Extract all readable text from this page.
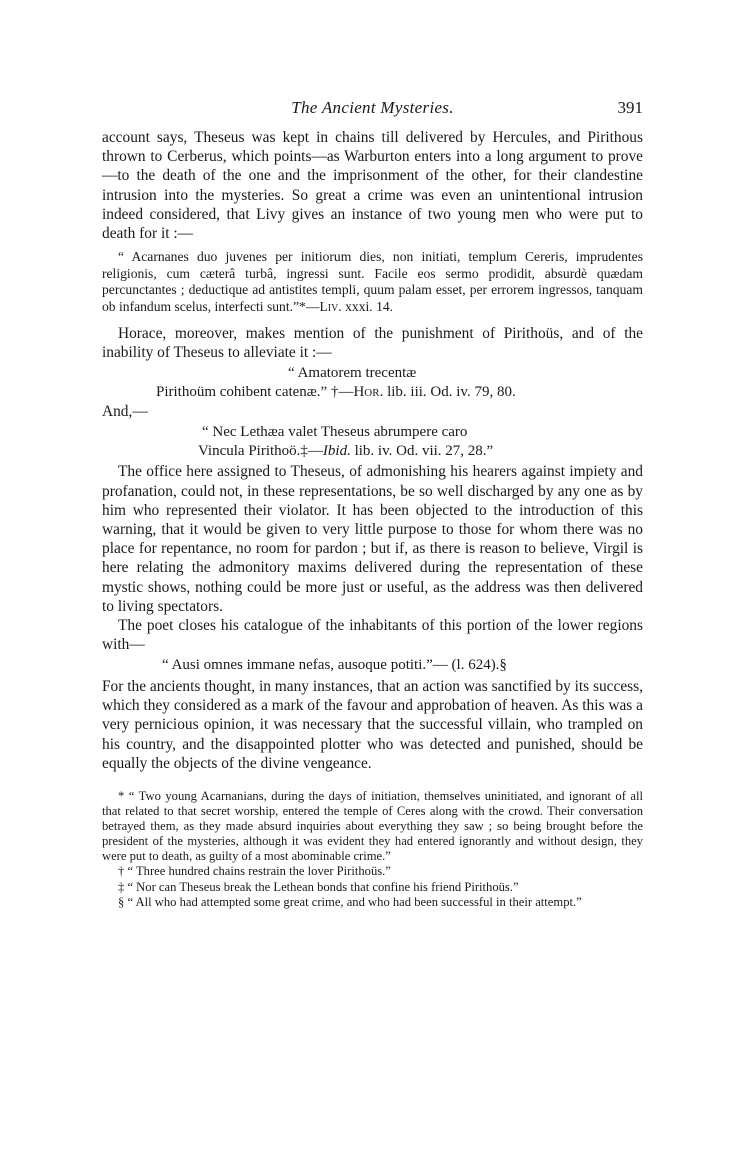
The Ancient Mysteries.	391

account says, Theseus was kept in chains till delivered by Hercules, and Pirithous thrown to Cerberus, which points—as Warburton enters into a long argument to prove—to the death of the one and the imprisonment of the other, for their clandestine intrusion into the mysteries. So great a crime was even an unintentional intrusion indeed considered, that Livy gives an instance of two young men who were put to death for it :—

“ Acarnanes duo juvenes per initiorum dies, non initiati, templum Cereris, imprudentes religionis, cum cæterâ turbâ, ingressi sunt. Facile eos sermo prodidit, absurdè quædam percunctantes ; deductique ad antistites templi, quum palam esset, per errorem ingressos, tanquam ob infandum scelus, interfecti sunt.”*—Liv. xxxi. 14.

Horace, moreover, makes mention of the punishment of Pirithoüs, and of the inability of Theseus to alleviate it :—

“ Amatorem trecentæ
Pirithoüm cohibent catenæ.” †—Hor. lib. iii. Od. iv. 79, 80.

And,—

“ Nec Lethæa valet Theseus abrumpere caro
Vincula Pirithoö.‡—Ibid. lib. iv. Od. vii. 27, 28.”

The office here assigned to Theseus, of admonishing his hearers against impiety and profanation, could not, in these representations, be so well discharged by any one as by him who represented their violator. It has been objected to the introduction of this warning, that it would be given to very little purpose to those for whom there was no place for repentance, no room for pardon ; but if, as there is reason to believe, Virgil is here relating the admonitory maxims delivered during the representation of these mystic shows, nothing could be more just or useful, as the address was then delivered to living spectators.

The poet closes his catalogue of the inhabitants of this portion of the lower regions with—

“ Ausi omnes immane nefas, ausoque potiti.”— (l. 624).§

For the ancients thought, in many instances, that an action was sanctified by its success, which they considered as a mark of the favour and approbation of heaven. As this was a very pernicious opinion, it was necessary that the successful villain, who trampled on his country, and the disappointed plotter who was detected and punished, should be equally the objects of the divine vengeance.

* “ Two young Acarnanians, during the days of initiation, themselves uninitiated, and ignorant of all that related to that secret worship, entered the temple of Ceres along with the crowd. Their conversation betrayed them, as they made absurd inquiries about everything they saw ; so being brought before the president of the mysteries, although it was evident they had entered ignorantly and without design, they were put to death, as guilty of a most abominable crime.”

† “ Three hundred chains restrain the lover Pirithoüs.”

‡ “ Nor can Theseus break the Lethean bonds that confine his friend Pirithoüs.”

§ “ All who had attempted some great crime, and who had been successful in their attempt.”
